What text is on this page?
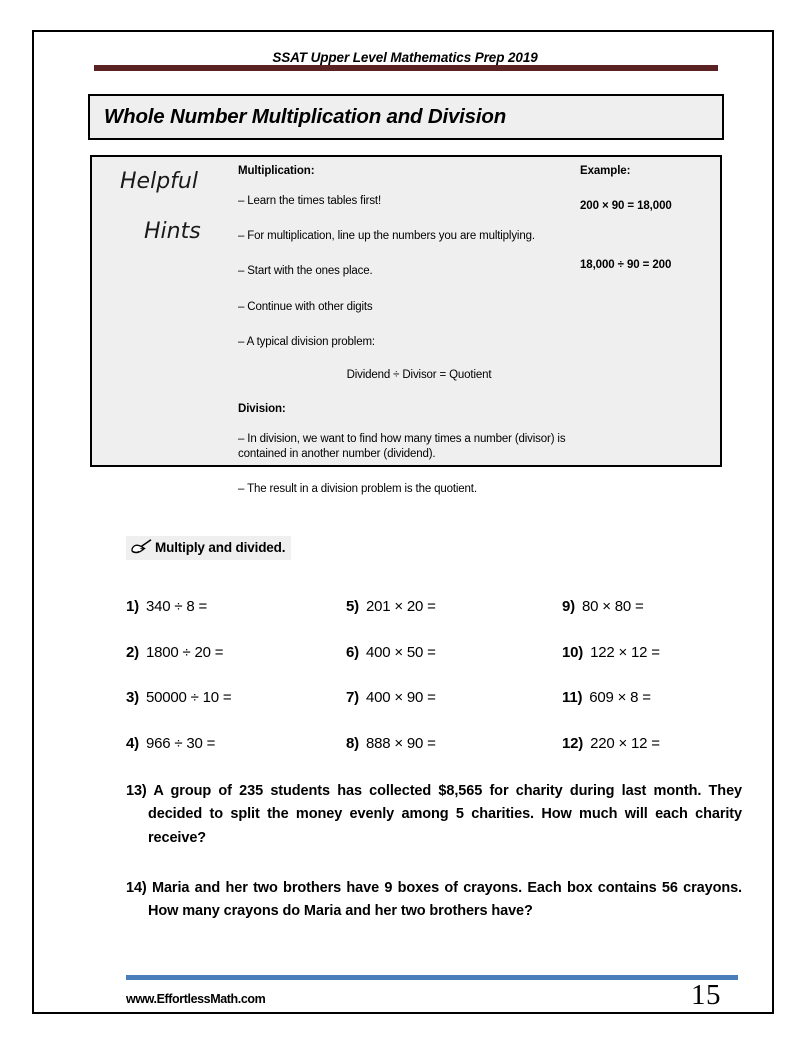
SSAT Upper Level Mathematics Prep 2019
Whole Number Multiplication and Division
Helpful
Hints
Multiplication:
– Learn the times tables first!
– For multiplication, line up the numbers you are multiplying.
– Start with the ones place.
– Continue with other digits
– A typical division problem:
Dividend ÷ Divisor = Quotient
Division:
– In division, we want to find how many times a number (divisor) is contained in another number (dividend).
– The result in a division problem is the quotient.
Example:
200 × 90 = 18,000
18,000 ÷ 90 = 200
Multiply and divided.
1) 340 ÷ 8 =	5) 201 × 20 =	9) 80 × 80 =
2) 1800 ÷ 20 =	6) 400 × 50 =	10) 122 × 12 =
3) 50000 ÷ 10 =	7) 400 × 90 =	11) 609 × 8 =
4) 966 ÷ 30 =	8) 888 × 90 =	12) 220 × 12 =
13) A group of 235 students has collected $8,565 for charity during last month. They decided to split the money evenly among 5 charities. How much will each charity receive?
14) Maria and her two brothers have 9 boxes of crayons. Each box contains 56 crayons. How many crayons do Maria and her two brothers have?
www.EffortlessMath.com	15
